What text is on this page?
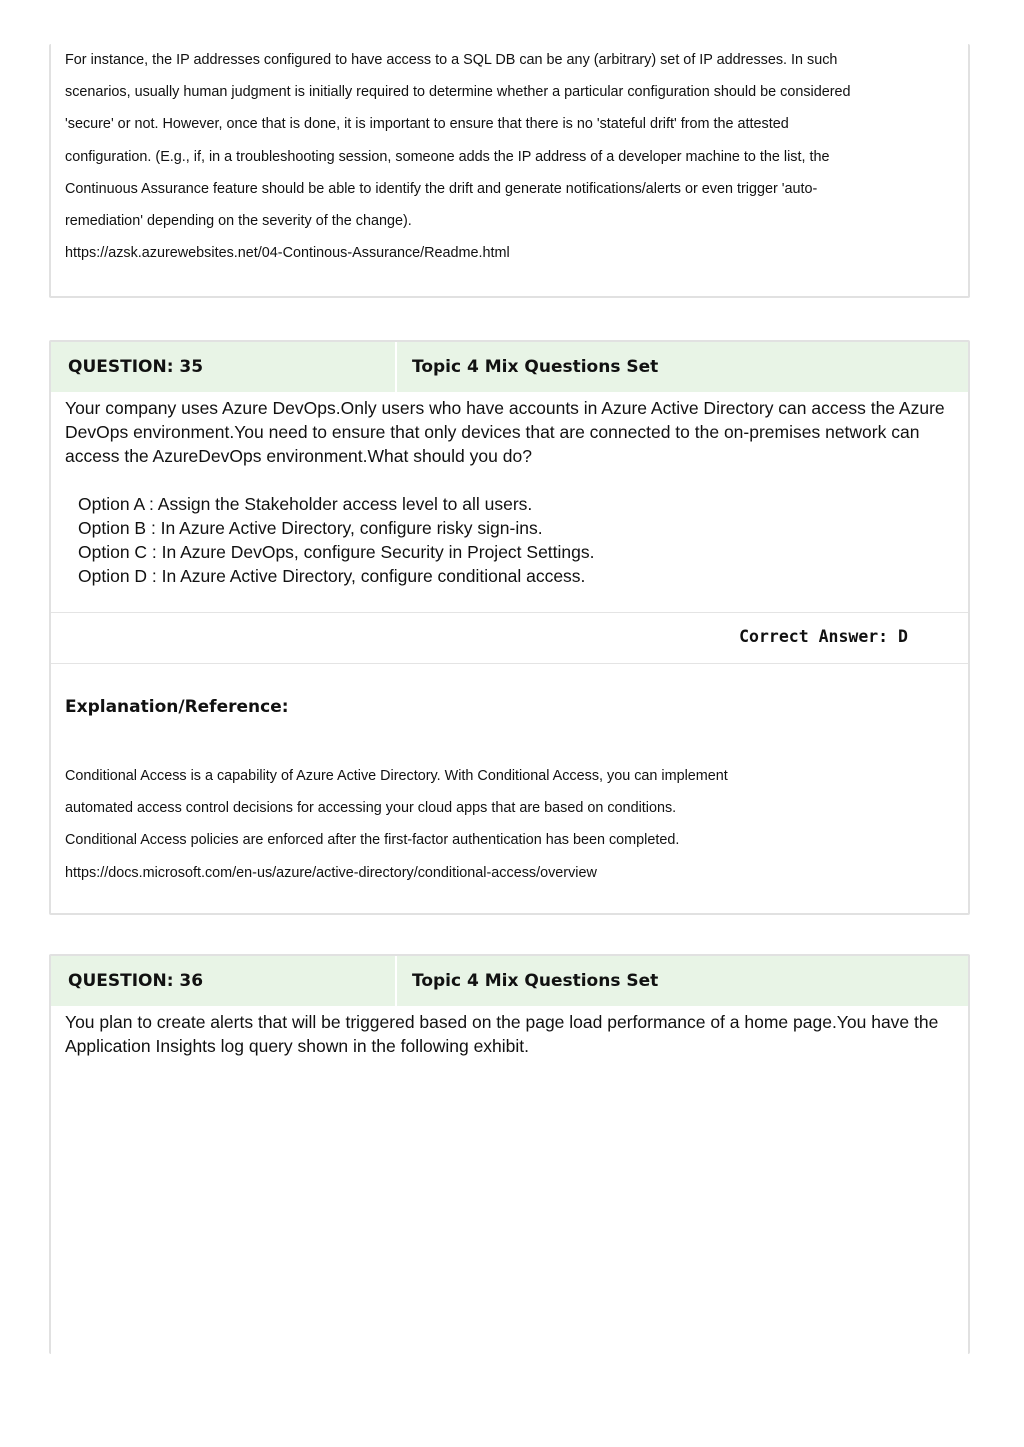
For instance, the IP addresses configured to have access to a SQL DB can be any (arbitrary) set of IP addresses. In such

scenarios, usually human judgment is initially required to determine whether a particular configuration should be considered

'secure' or not. However, once that is done, it is important to ensure that there is no 'stateful drift' from the attested

configuration. (E.g., if, in a troubleshooting session, someone adds the IP address of a developer machine to the list, the

Continuous Assurance feature should be able to identify the drift and generate notifications/alerts or even trigger 'auto-

remediation' depending on the severity of the change).

https://azsk.azurewebsites.net/04-Continous-Assurance/Readme.html

QUESTION: 35	Topic 4 Mix Questions Set

Your company uses Azure DevOps.Only users who have accounts in Azure Active Directory can access the Azure DevOps environment.You need to ensure that only devices that are connected to the on-premises network can access the AzureDevOps environment.What should you do?

Option A : Assign the Stakeholder access level to all users.
Option B : In Azure Active Directory, configure risky sign-ins.
Option C : In Azure DevOps, configure Security in Project Settings.
Option D : In Azure Active Directory, configure conditional access.
Correct Answer: D
Explanation/Reference:

Conditional Access is a capability of Azure Active Directory. With Conditional Access, you can implement

automated access control decisions for accessing your cloud apps that are based on conditions.

Conditional Access policies are enforced after the first-factor authentication has been completed.

https://docs.microsoft.com/en-us/azure/active-directory/conditional-access/overview

QUESTION: 36	Topic 4 Mix Questions Set

You plan to create alerts that will be triggered based on the page load performance of a home page.You have the Application Insights log query shown in the following exhibit.
